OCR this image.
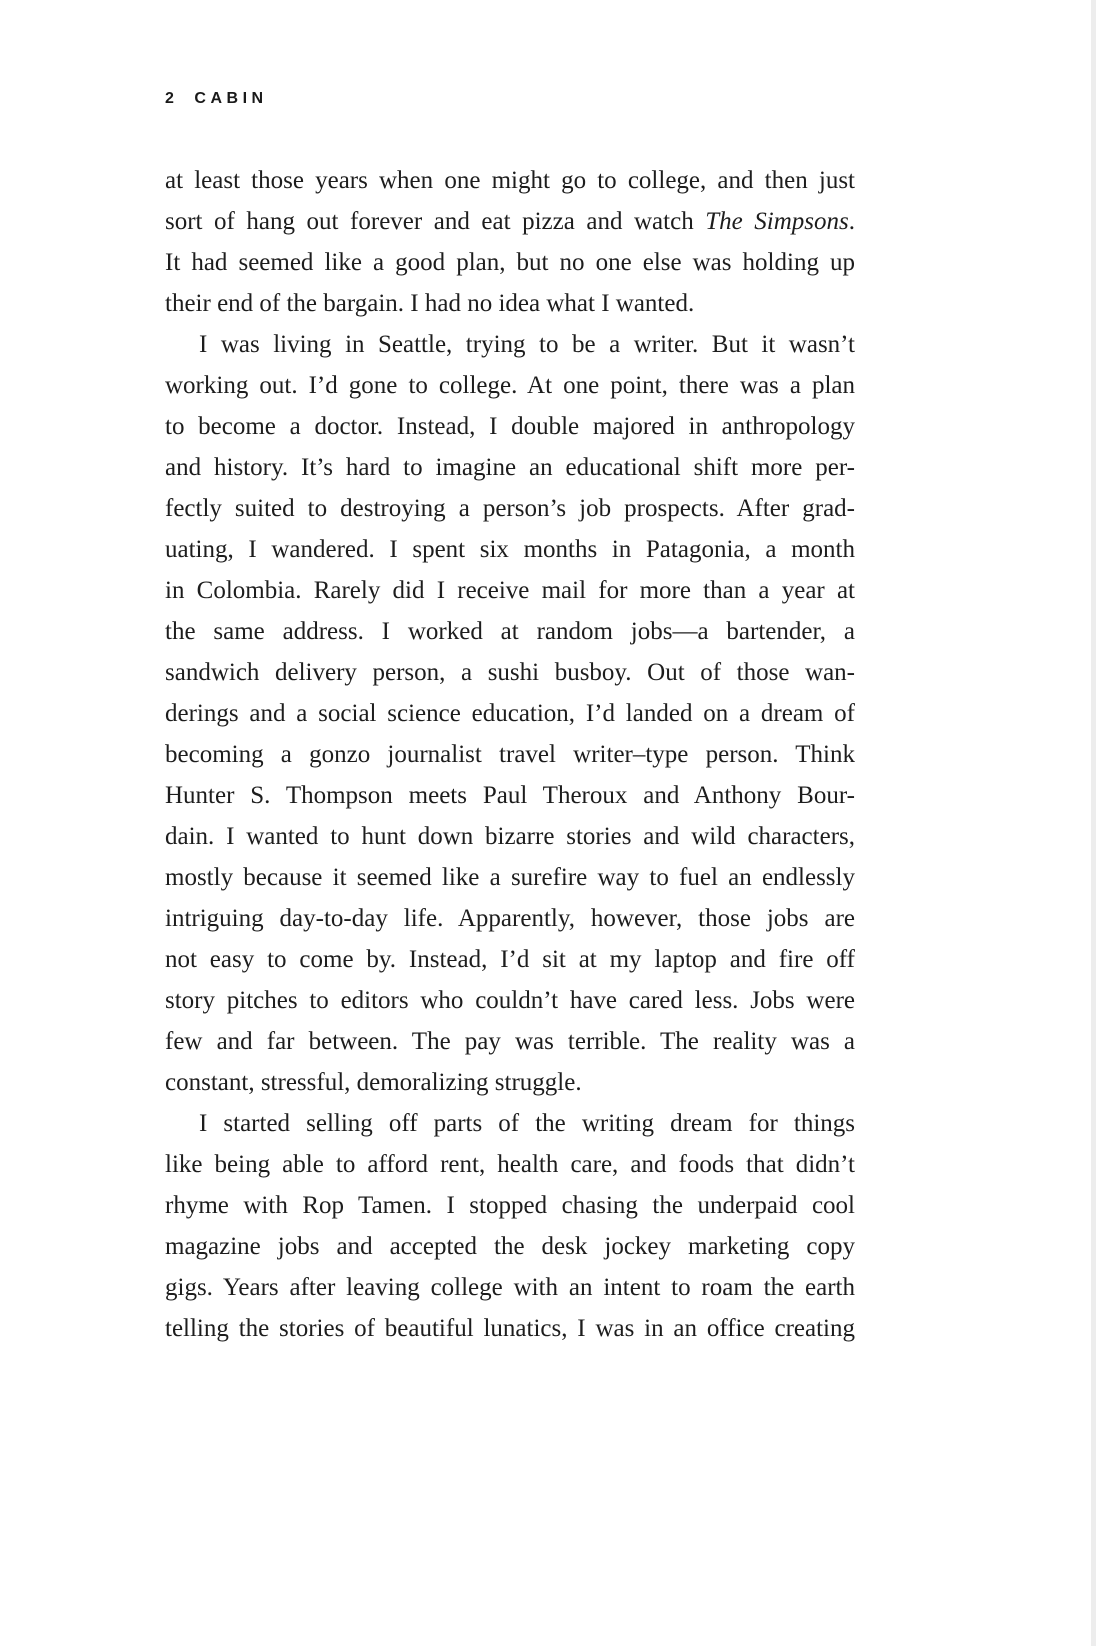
2 CABIN
at least those years when one might go to college, and then just
sort of hang out forever and eat pizza and watch The Simpsons.
It had seemed like a good plan, but no one else was holding up
their end of the bargain. I had no idea what I wanted.
I was living in Seattle, trying to be a writer. But it wasn’t
working out. I’d gone to college. At one point, there was a plan
to become a doctor. Instead, I double majored in anthropology
and history. It’s hard to imagine an educational shift more per-
fectly suited to destroying a person’s job prospects. After grad-
uating, I wandered. I spent six months in Patagonia, a month
in Colombia. Rarely did I receive mail for more than a year at
the same address. I worked at random jobs—a bartender, a
sandwich delivery person, a sushi busboy. Out of those wan-
derings and a social science education, I’d landed on a dream of
becoming a gonzo journalist travel writer–type person. Think
Hunter S. Thompson meets Paul Theroux and Anthony Bour-
dain. I wanted to hunt down bizarre stories and wild characters,
mostly because it seemed like a surefire way to fuel an endlessly
intriguing day-to-day life. Apparently, however, those jobs are
not easy to come by. Instead, I’d sit at my laptop and fire off
story pitches to editors who couldn’t have cared less. Jobs were
few and far between. The pay was terrible. The reality was a
constant, stressful, demoralizing struggle.
I started selling off parts of the writing dream for things
like being able to afford rent, health care, and foods that didn’t
rhyme with Rop Tamen. I stopped chasing the underpaid cool
magazine jobs and accepted the desk jockey marketing copy
gigs. Years after leaving college with an intent to roam the earth
telling the stories of beautiful lunatics, I was in an office creating
